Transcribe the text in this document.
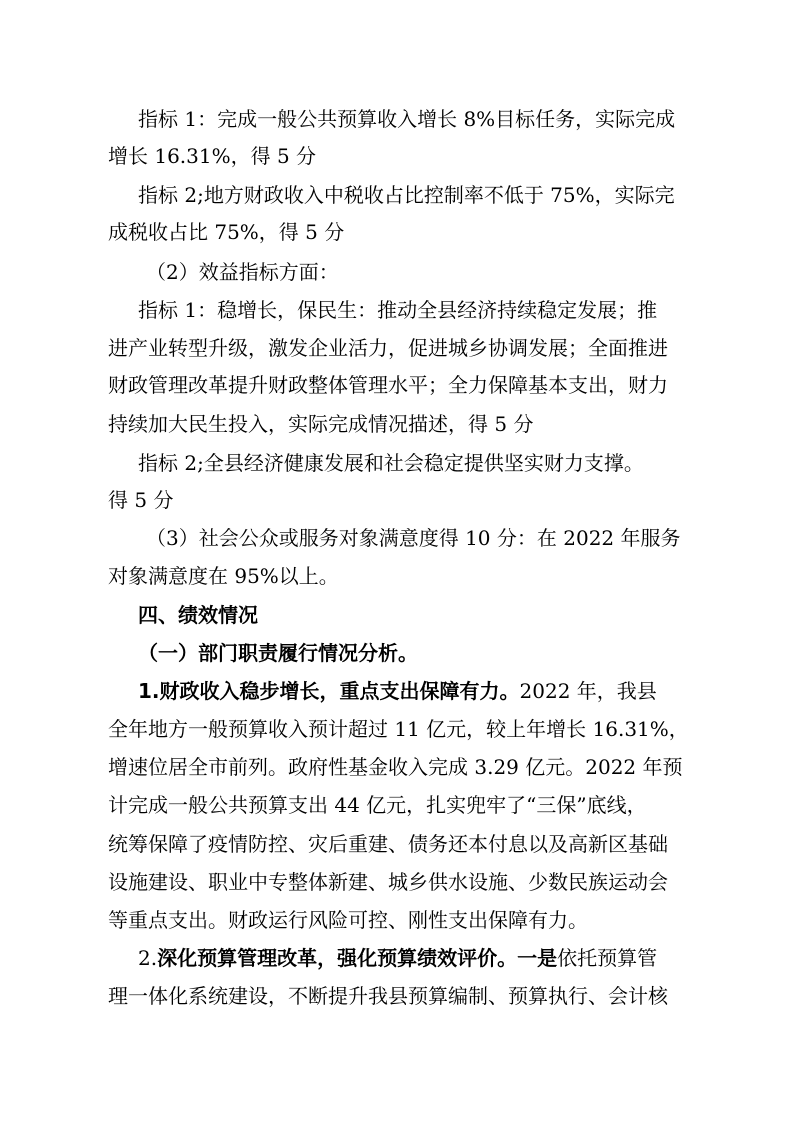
指标 1：完成一般公共预算收入增长 8%目标任务，实际完成
增长 16.31%，得 5 分
指标 2;地方财政收入中税收占比控制率不低于 75%，实际完
成税收占比 75%，得 5 分
（2）效益指标方面：
指标 1：稳增长，保民生：推动全县经济持续稳定发展；推
进产业转型升级，激发企业活力，促进城乡协调发展；全面推进
财政管理改革提升财政整体管理水平；全力保障基本支出，财力
持续加大民生投入，实际完成情况描述，得 5 分
指标 2;全县经济健康发展和社会稳定提供坚实财力支撑。
得 5 分
（3）社会公众或服务对象满意度得 10 分：在 2022 年服务
对象满意度在 95%以上。
四、绩效情况
（一）部门职责履行情况分析。
1.财政收入稳步增长，重点支出保障有力。2022 年，我县
全年地方一般预算收入预计超过 11 亿元，较上年增长 16.31%，
增速位居全市前列。政府性基金收入完成 3.29 亿元。2022 年预
计完成一般公共预算支出 44 亿元，扎实兜牢了“三保”底线，
统筹保障了疫情防控、灾后重建、债务还本付息以及高新区基础
设施建设、职业中专整体新建、城乡供水设施、少数民族运动会
等重点支出。财政运行风险可控、刚性支出保障有力。
2.深化预算管理改革，强化预算绩效评价。一是依托预算管
理一体化系统建设，不断提升我县预算编制、预算执行、会计核
